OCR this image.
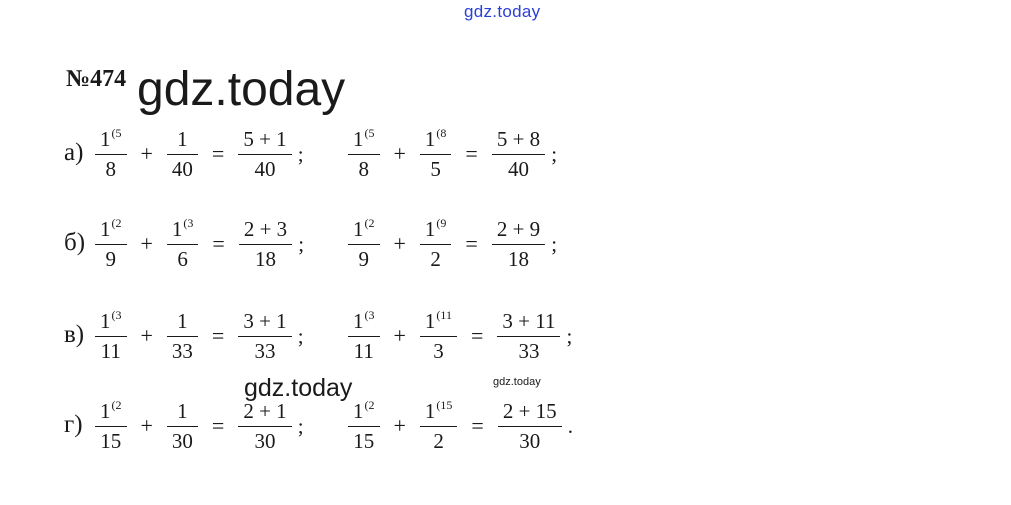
gdz.today
№474 gdz.today
gdz.today	gdz.today
$а) \frac{1^{(5}}{8} + \frac{1}{40} = \frac{5 + 1}{40}$ ; $\frac{1^{(5}}{8} + \frac{1^{(8}}{5} = \frac{5 + 8}{40}$ ;
$б) \frac{1^{(2}}{9} + \frac{1^{(3}}{6} = \frac{2 + 3}{18}$ ; $\frac{1^{(2}}{9} + \frac{1^{(9}}{2} = \frac{2 + 9}{18}$ ;
$в) \frac{1^{(3}}{11} + \frac{1}{33} = \frac{3 + 1}{33}$ ; $\frac{1^{(3}}{11} + \frac{1^{(11}}{3} = \frac{3 + 11}{33}$ ;
$г) \frac{1^{(2}}{15} + \frac{1}{30} = \frac{2 + 1}{30}$ ; $\frac{1^{(2}}{15} + \frac{1^{(15}}{2} = \frac{2 + 15}{30}$ .
